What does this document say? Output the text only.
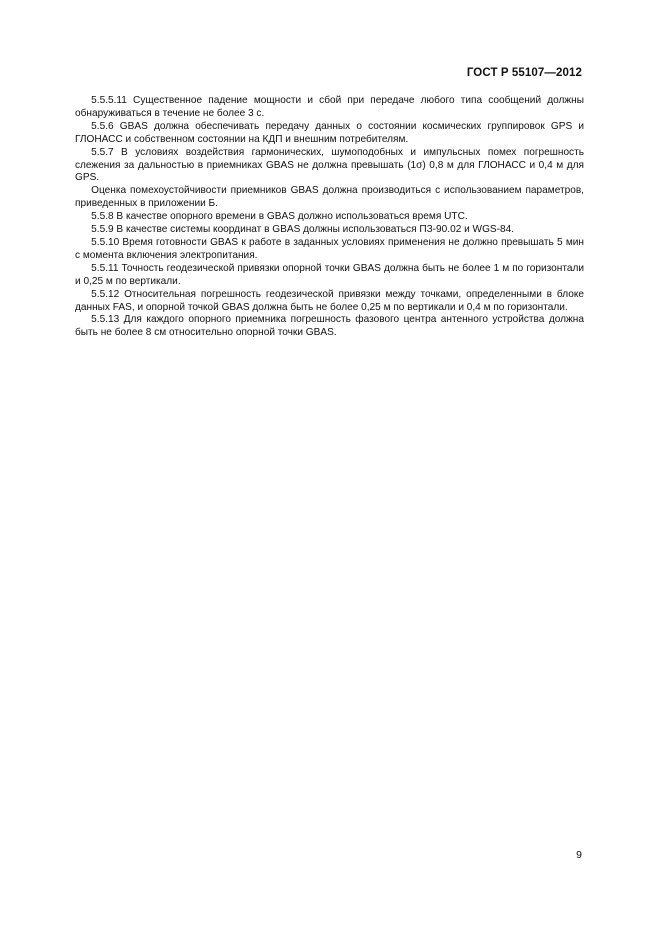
ГОСТ Р 55107—2012

5.5.5.11 Существенное падение мощности и сбой при передаче любого типа сообщений должны обнаруживаться в течение не более 3 с.

5.5.6 GBAS должна обеспечивать передачу данных о состоянии космических группировок GPS и ГЛОНАСС и собственном состоянии на КДП и внешним потребителям.

5.5.7 В условиях воздействия гармонических, шумоподобных и импульсных помех погрешность слежения за дальностью в приемниках GBAS не должна превышать (1σ) 0,8 м для ГЛОНАСС и 0,4 м для GPS.

Оценка помехоустойчивости приемников GBAS должна производиться с использованием параметров, приведенных в приложении Б.

5.5.8 В качестве опорного времени в GBAS должно использоваться время UTC.

5.5.9 В качестве системы координат в GBAS должны использоваться ПЗ-90.02 и WGS-84.

5.5.10 Время готовности GBAS к работе в заданных условиях применения не должно превышать 5 мин с момента включения электропитания.

5.5.11 Точность геодезической привязки опорной точки GBAS должна быть не более 1 м по горизонтали и 0,25 м по вертикали.

5.5.12 Относительная погрешность геодезической привязки между точками, определенными в блоке данных FAS, и опорной точкой GBAS должна быть не более 0,25 м по вертикали и 0,4 м по горизонтали.

5.5.13 Для каждого опорного приемника погрешность фазового центра антенного устройства должна быть не более 8 см относительно опорной точки GBAS.

9
